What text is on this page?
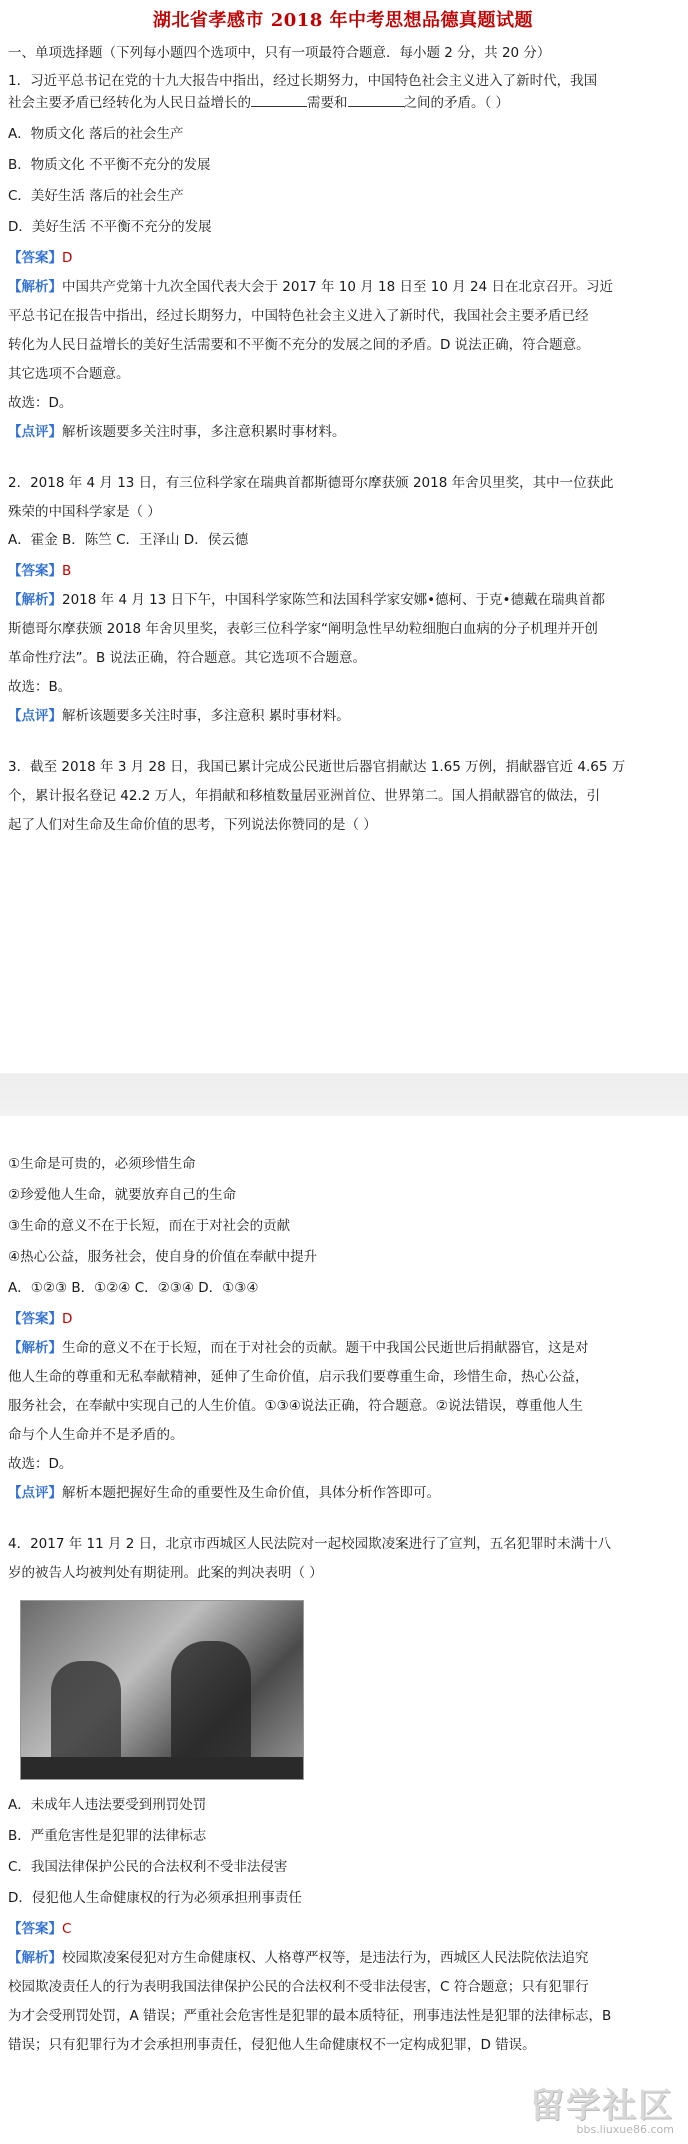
湖北省孝感市 2018 年中考思想品德真题试题

一、单项选择题（下列每小题四个选项中，只有一项最符合题意．每小题 2 分，共 20 分）

1．习近平总书记在党的十九大报告中指出，经过长期努力，中国特色社会主义进入了新时代，我国

社会主要矛盾已经转化为人民日益增长的	需要和	之间的矛盾。（ ）

A．物质文化 落后的社会生产

B．物质文化 不平衡不充分的发展

C．美好生活 落后的社会生产

D．美好生活 不平衡不充分的发展

【答案】D

【解析】中国共产党第十九次全国代表大会于 2017 年 10 月 18 日至 10 月 24 日在北京召开。习近

平总书记在报告中指出，经过长期努力，中国特色社会主义进入了新时代，我国社会主要矛盾已经

转化为人民日益增长的美好生活需要和不平衡不充分的发展之间的矛盾。D 说法正确，符合题意。

其它选项不合题意。

故选：D。

【点评】解析该题要多关注时事，多注意积累时事材料。

2．2018 年 4 月 13 日，有三位科学家在瑞典首都斯德哥尔摩获颁 2018 年舍贝里奖，其中一位获此

殊荣的中国科学家是（ ）

A．霍金 B．陈竺 C．王泽山 D．侯云德

【答案】B

【解析】2018 年 4 月 13 日下午，中国科学家陈竺和法国科学家安娜•德柯、于克•德戴在瑞典首都

斯德哥尔摩获颁 2018 年舍贝里奖，表彰三位科学家“阐明急性早幼粒细胞白血病的分子机理并开创

革命性疗法”。B 说法正确，符合题意。其它选项不合题意。

故选：B。

【点评】解析该题要多关注时事，多注意积 累时事材料。

3．截至 2018 年 3 月 28 日，我国已累计完成公民逝世后器官捐献达 1.65 万例，捐献器官近 4.65 万

个，累计报名登记 42.2 万人，年捐献和移植数量居亚洲首位、世界第二。国人捐献器官的做法，引

起了人们对生命及生命价值的思考，下列说法你赞同的是（ ）

①生命是可贵的，必须珍惜生命

②珍爱他人生命，就要放弃自己的生命

③生命的意义不在于长短，而在于对社会的贡献

④热心公益，服务社会，使自身的价值在奉献中提升

A．①②③ B．①②④ C．②③④ D．①③④

【答案】D

【解析】生命的意义不在于长短，而在于对社会的贡献。题干中我国公民逝世后捐献器官，这是对

他人生命的尊重和无私奉献精神，延伸了生命价值，启示我们要尊重生命，珍惜生命，热心公益，

服务社会，在奉献中实现自己的人生价值。①③④说法正确，符合题意。②说法错误，尊重他人生

命与个人生命并不是矛盾的。

故选：D。

【点评】解析本题把握好生命的重要性及生命价值，具体分析作答即可。

4．2017 年 11 月 2 日，北京市西城区人民法院对一起校园欺凌案进行了宣判，五名犯罪时未满十八

岁的被告人均被判处有期徒刑。此案的判决表明（ ）

A．未成年人违法要受到刑罚处罚

B．严重危害性是犯罪的法律标志

C．我国法律保护公民的合法权利不受非法侵害

D．侵犯他人生命健康权的行为必须承担刑事责任

【答案】C

【解析】校园欺凌案侵犯对方生命健康权、人格尊严权等，是违法行为，西城区人民法院依法追究

校园欺凌责任人的行为表明我国法律保护公民的合法权利不受非法侵害，C 符合题意；只有犯罪行

为才会受刑罚处罚，A 错误；严重社会危害性是犯罪的最本质特征，刑事违法性是犯罪的法律标志，B

错误；只有犯罪行为才会承担刑事责任，侵犯他人生命健康权不一定构成犯罪，D 错误。

留学社区
bbs.liuxue86.com
